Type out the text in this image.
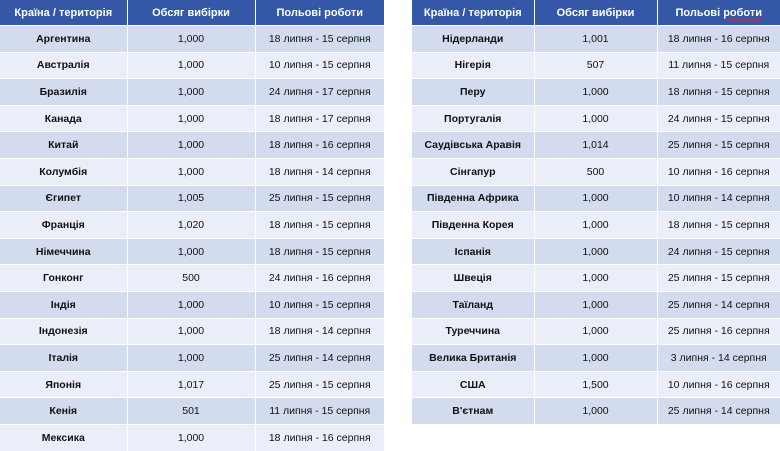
Країна / територія	Обсяг вибірки	Польові роботи
Аргентина	1,000	18 липня - 15 серпня
Австралія	1,000	10 липня - 15 серпня
Бразилія	1,000	24 липня - 17 серпня
Канада	1,000	18 липня - 17 серпня
Китай	1,000	18 липня - 16 серпня
Колумбія	1,000	18 липня - 14 серпня
Єгипет	1,005	25 липня - 15 серпня
Франція	1,020	18 липня - 15 серпня
Німеччина	1,000	18 липня - 15 серпня
Гонконг	500	24 липня - 16 серпня
Індія	1,000	10 липня - 15 серпня
Індонезія	1,000	18 липня - 14 серпня
Італія	1,000	25 липня - 14 серпня
Японія	1,017	25 липня - 15 серпня
Кенія	501	11 липня - 15 серпня
Мексика	1,000	18 липня - 16 серпня
Країна / територія	Обсяг вибірки	Польові роботи
Нідерланди	1,001	18 липня - 16 серпня
Нігерія	507	11 липня - 15 серпня
Перу	1,000	18 липня - 15 серпня
Португалія	1,000	24 липня - 15 серпня
Саудівська Аравія	1,014	25 липня - 15 серпня
Сінгапур	500	10 липня - 16 серпня
Південна Африка	1,000	10 липня - 14 серпня
Південна Корея	1,000	18 липня - 15 серпня
Іспанія	1,000	24 липня - 15 серпня
Швеція	1,000	25 липня - 15 серпня
Таїланд	1,000	25 липня - 14 серпня
Туреччина	1,000	25 липня - 16 серпня
Велика Британія	1,000	3 липня - 14 серпня
США	1,500	10 липня - 16 серпня
В'єтнам	1,000	25 липня - 14 серпня
